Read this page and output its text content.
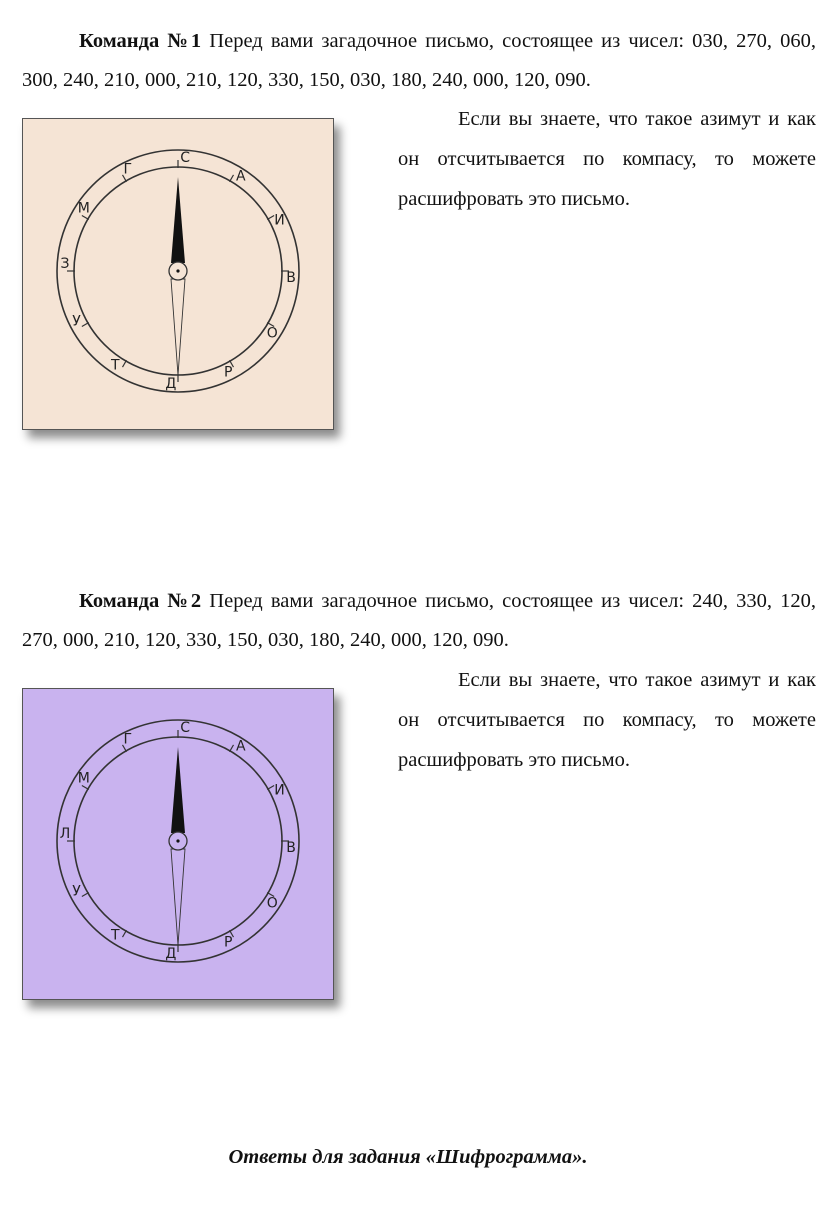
Команда №1 Перед вами загадочное письмо, состоящее из чисел: 030, 270, 060, 300, 240, 210, 000, 210, 120, 330, 150, 030, 180, 240, 000, 120, 090.

С
А
И
В
О
Р
Д
Т
У
З
М
Г

Если вы знаете, что такое азимут и как он отсчитывается по компасу, то можете расшифровать это письмо.

Команда №2 Перед вами загадочное письмо, состоящее из чисел: 240, 330, 120, 270, 000, 210, 120, 330, 150, 030, 180, 240, 000, 120, 090.

С
А
И
В
О
Р
Д
Т
У
Л
М
Г

Если вы знаете, что такое азимут и как он отсчитывается по компасу, то можете расшифровать это письмо.

Ответы для задания «Шифрограмма».
